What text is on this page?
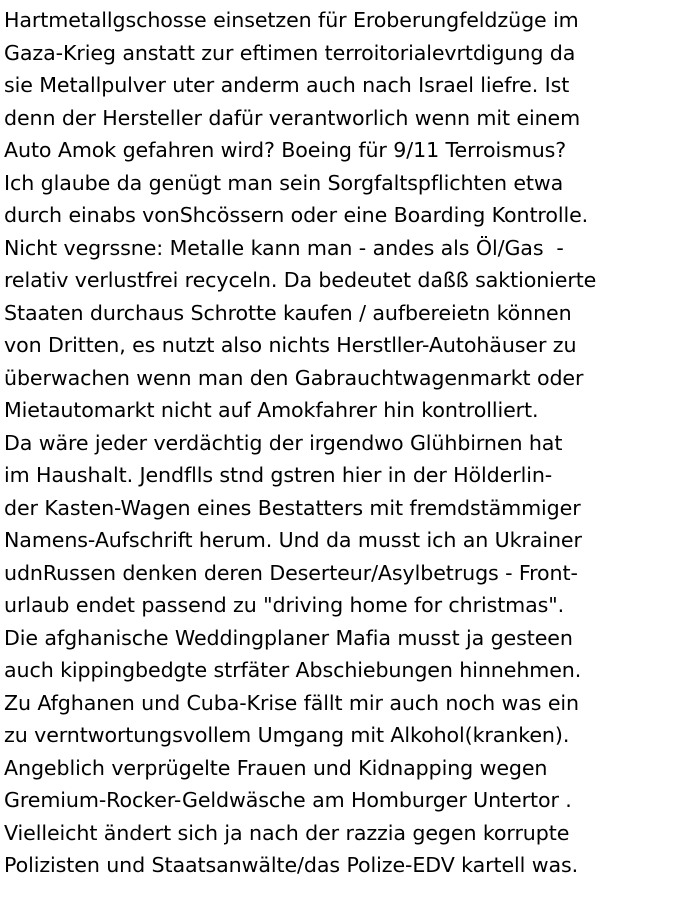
Hartmetallgschosse einsetzen für Eroberungfeldzüge im
Gaza-Krieg anstatt zur eftimen terroitorialevrtdigung da
sie Metallpulver uter anderm auch nach Israel liefre. Ist
denn der Hersteller dafür verantworlich wenn mit einem
Auto Amok gefahren wird? Boeing für 9/11 Terroismus?
Ich glaube da genügt man sein Sorgfaltspflichten etwa
durch einabs vonShcössern oder eine Boarding Kontrolle.
Nicht vegrssne: Metalle kann man - andes als Öl/Gas  -
relativ verlustfrei recyceln. Da bedeutet daßß saktionierte
Staaten durchaus Schrotte kaufen / aufbereietn können
von Dritten, es nutzt also nichts Herstller-Autohäuser zu
überwachen wenn man den Gabrauchtwagenmarkt oder
Mietautomarkt nicht auf Amokfahrer hin kontrolliert.
Da wäre jeder verdächtig der irgendwo Glühbirnen hat
im Haushalt. Jendflls stnd gstren hier in der Hölderlin-
der Kasten-Wagen eines Bestatters mit fremdstämmiger
Namens-Aufschrift herum. Und da musst ich an Ukrainer
udnRussen denken deren Deserteur/Asylbetrugs - Front-
urlaub endet passend zu "driving home for christmas".
Die afghanische Weddingplaner Mafia musst ja gesteen
auch kippingbedgte strfäter Abschiebungen hinnehmen.
Zu Afghanen und Cuba-Krise fällt mir auch noch was ein
zu verntwortungsvollem Umgang mit Alkohol(kranken).
Angeblich verprügelte Frauen und Kidnapping wegen
Gremium-Rocker-Geldwäsche am Homburger Untertor .
Vielleicht ändert sich ja nach der razzia gegen korrupte
Polizisten und Staatsanwälte/das Polize-EDV kartell was.
